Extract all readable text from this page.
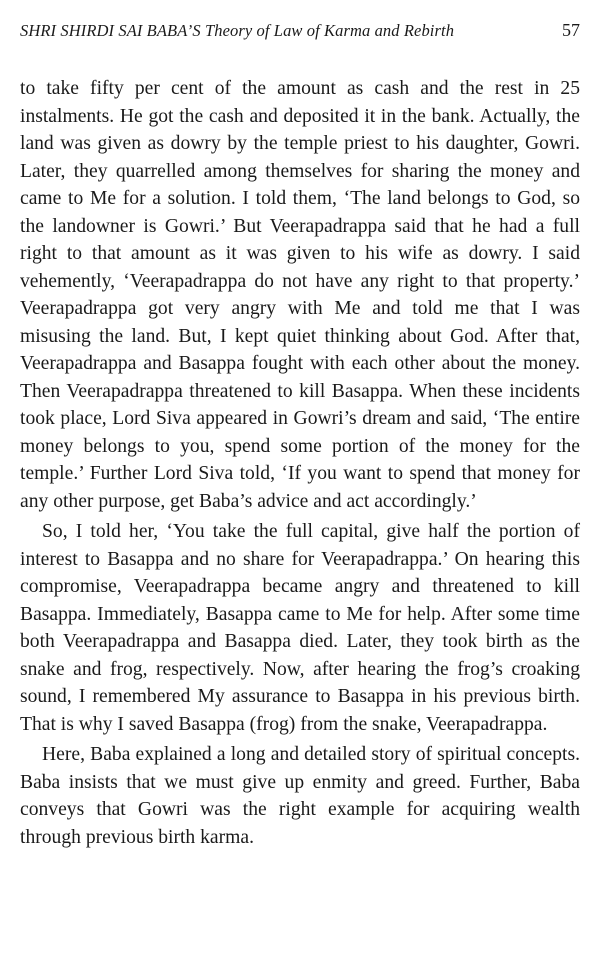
SHRI SHIRDI SAI BABA’S Theory of Law of Karma and Rebirth	57

to take fifty per cent of the amount as cash and the rest in 25 instalments. He got the cash and deposited it in the bank. Actually, the land was given as dowry by the temple priest to his daughter, Gowri. Later, they quarrelled among themselves for sharing the money and came to Me for a solution. I told them, ‘The land belongs to God, so the landowner is Gowri.’ But Veerapadrappa said that he had a full right to that amount as it was given to his wife as dowry. I said vehemently, ‘Veerapadrappa do not have any right to that property.’ Veerapadrappa got very angry with Me and told me that I was misusing the land. But, I kept quiet thinking about God. After that, Veerapadrappa and Basappa fought with each other about the money. Then Veerapadrappa threatened to kill Basappa. When these incidents took place, Lord Siva appeared in Gowri’s dream and said, ‘The entire money belongs to you, spend some portion of the money for the temple.’ Further Lord Siva told, ‘If you want to spend that money for any other purpose, get Baba’s advice and act accordingly.’

So, I told her, ‘You take the full capital, give half the portion of interest to Basappa and no share for Veerapadrappa.’ On hearing this compromise, Veerapadrappa became angry and threatened to kill Basappa. Immediately, Basappa came to Me for help. After some time both Veerapadrappa and Basappa died. Later, they took birth as the snake and frog, respectively. Now, after hearing the frog’s croaking sound, I remembered My assurance to Basappa in his previous birth. That is why I saved Basappa (frog) from the snake, Veerapadrappa.

Here, Baba explained a long and detailed story of spiritual concepts. Baba insists that we must give up enmity and greed. Further, Baba conveys that Gowri was the right example for acquiring wealth through previous birth karma.
